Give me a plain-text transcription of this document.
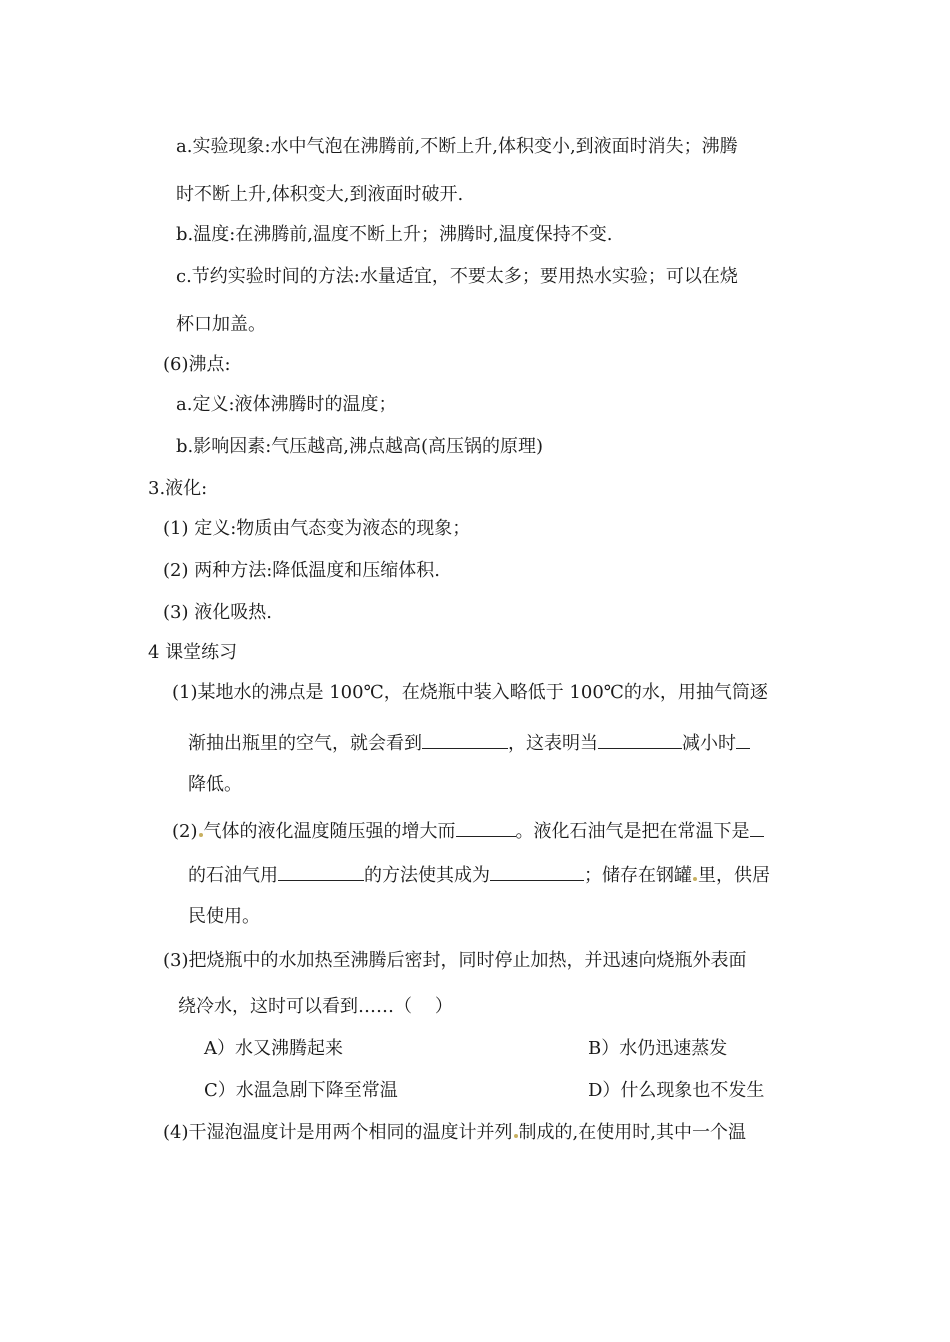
a.实验现象:水中气泡在沸腾前,不断上升,体积变小,到液面时消失；沸腾
时不断上升,体积变大,到液面时破开.
b.温度:在沸腾前,温度不断上升；沸腾时,温度保持不变.
c.节约实验时间的方法:水量适宜，不要太多；要用热水实验；可以在烧
杯口加盖。
(6)沸点:
a.定义:液体沸腾时的温度；
b.影响因素:气压越高,沸点越高(高压锅的原理)
3.液化:
(1) 定义:物质由气态变为液态的现象；
(2) 两种方法:降低温度和压缩体积.
(3) 液化吸热.
4 课堂练习
(1)某地水的沸点是 100℃，在烧瓶中装入略低于 100℃的水，用抽气筒逐
渐抽出瓶里的空气，就会看到	，这表明当	减小时
降低。
(2) 气体的液化温度随压强的增大而	。液化石油气是把在常温下是
的石油气用	的方法使其成为	；储存在钢罐 里，供居
民使用。
(3)把烧瓶中的水加热至沸腾后密封，同时停止加热，并迅速向烧瓶外表面
绕冷水，这时可以看到……（    ）
A）水又沸腾起来	B）水仍迅速蒸发
C）水温急剧下降至常温	D）什么现象也不发生
(4)干湿泡温度计是用两个相同的温度计并列 制成的,在使用时,其中一个温
